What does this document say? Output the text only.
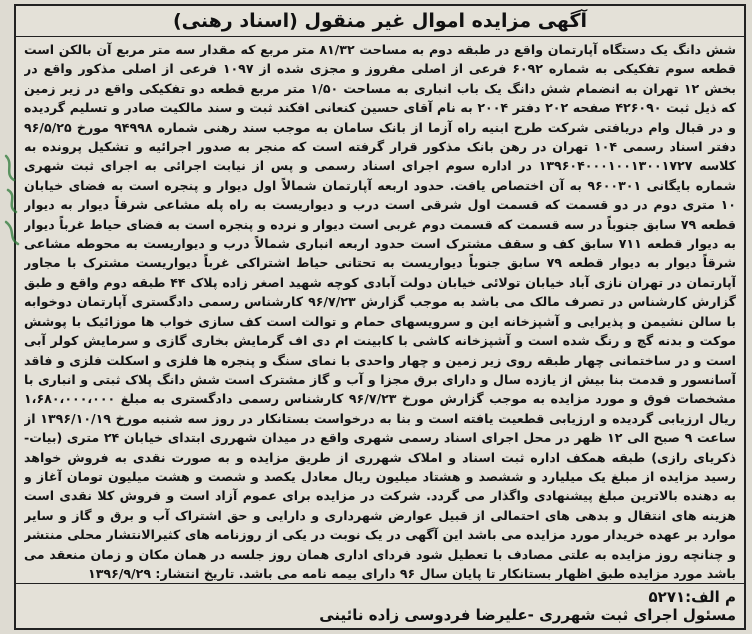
آگهی مزایده اموال غیر منقول (اسناد رهنی)
شش دانگ یک دستگاه آپارتمان واقع در طبقه دوم به مساحت ۸۱/۳۲ متر مربع که مقدار سه متر مربع آن بالکن است قطعه سوم تفکیکی به شماره ۶۰۹۲ فرعی از اصلی مفروز و مجزی شده از ۱۰۹۷ فرعی از اصلی مذکور واقع در بخش ۱۲ تهران به انضمام شش دانگ یک باب انباری به مساحت ۱/۵۰ متر مربع قطعه دو تفکیکی واقع در زیر زمین که ذیل ثبت ۴۲۶۰۹۰ صفحه ۲۰۲ دفتر ۲۰۰۴ به نام آقای حسین کنعانی افکند ثبت و سند مالکیت صادر و تسلیم گردیده و در قبال وام دریافتی شرکت طرح ابنیه راه آزما از بانک سامان به موجب سند رهنی شماره ۹۴۹۹۸ مورخ ۹۶/۵/۲۵ دفتر اسناد رسمی ۱۰۴ تهران در رهن بانک مذکور قرار گرفته است که منجر به صدور اجرائیه و تشکیل پرونده به کلاسه ۱۳۹۶۰۴۰۰۰۱۰۰۱۳۰۰۱۷۲۷ در اداره سوم اجرای اسناد رسمی و پس از نیابت اجرائی به اجرای ثبت شهری شماره بایگانی ۹۶۰۰۳۰۱ به آن اختصاص یافت. حدود اربعه آپارتمان شمالاً اول دیوار و پنجره است به فضای خیابان ۱۰ متری دوم در دو قسمت که قسمت اول شرقی است درب و دیواریست به راه پله مشاعی شرقاً دیوار به دیوار قطعه ۷۹ سابق جنوباً در سه قسمت که قسمت دوم غربی است دیوار و نرده و پنجره است به فضای حیاط غرباً دیوار به دیوار قطعه ۷۱۱ سابق کف و سقف مشترک است حدود اربعه انباری شمالاً درب و دیواریست به محوطه مشاعی شرقاً دیوار به دیوار قطعه ۷۹ سابق جنوباً دیواریست به تحتانی حیاط اشتراکی غرباً دیواریست مشترک با مجاور آپارتمان در تهران نازی آباد خیابان تولائی خیابان دولت آبادی کوچه شهید اصغر زاده پلاک ۴۴ طبقه دوم واقع و طبق گزارش کارشناس در تصرف مالک می باشد به موجب گزارش ۹۶/۷/۲۳ کارشناس رسمی دادگستری آپارتمان دوخوابه با سالن نشیمن و پذیرایی و آشپزخانه این و سرویسهای حمام و توالت است کف سازی خواب ها موزائیک با پوشش موکت و بدنه گچ و رنگ شده است و آشپزخانه کاشی با کابینت ام دی اف گرمایش بخاری گازی و سرمایش کولر آبی است و در ساختمانی چهار طبقه روی زیر زمین و چهار واحدی با نمای سنگ و پنجره ها فلزی و اسکلت فلزی و فاقد آسانسور و قدمت بنا بیش از یازده سال و دارای برق مجزا و آب و گاز مشترک است شش دانگ پلاک ثبتی و انباری با مشخصات فوق و مورد مزایده به موجب گزارش مورخ ۹۶/۷/۲۳ کارشناس رسمی دادگستری به مبلغ ۱،۶۸۰،۰۰۰،۰۰۰ ریال ارزیابی گردیده و ارزیابی قطعیت یافته است و بنا به درخواست بستانکار در روز سه شنبه مورخ ۱۳۹۶/۱۰/۱۹ از ساعت ۹ صبح الی ۱۲ ظهر در محل اجرای اسناد رسمی شهری واقع در میدان شهرری ابتدای خیابان ۲۴ متری (بیات- ذکریای رازی) طبقه همکف اداره ثبت اسناد و املاک شهرری از طریق مزایده و به صورت نقدی به فروش خواهد رسید مزایده از مبلغ یک میلیارد و ششصد و هشتاد میلیون ریال معادل یکصد و شصت و هشت میلیون تومان آغاز و به دهنده بالاترین مبلغ پیشنهادی واگذار می گردد. شرکت در مزایده برای عموم آزاد است و فروش کلا نقدی است هزینه های انتقال و بدهی های احتمالی از قبیل عوارض شهرداری و دارایی و حق اشتراک آب و برق و گاز و سایر موارد بر عهده خریدار مورد مزایده می باشد این آگهی در یک نوبت در یکی از روزنامه های کثیرالانتشار محلی منتشر و چنانچه روز مزایده به علتی مصادف با تعطیل شود فردای اداری همان روز جلسه در همان مکان و زمان منعقد می باشد مورد مزایده طبق اظهار بستانکار تا پایان سال ۹۶ دارای بیمه نامه می باشد. تاریخ انتشار: ۱۳۹۶/۹/۲۹
م الف:۵۲۷۱
مسئول اجرای ثبت شهرری -علیرضا فردوسی زاده نائینی
